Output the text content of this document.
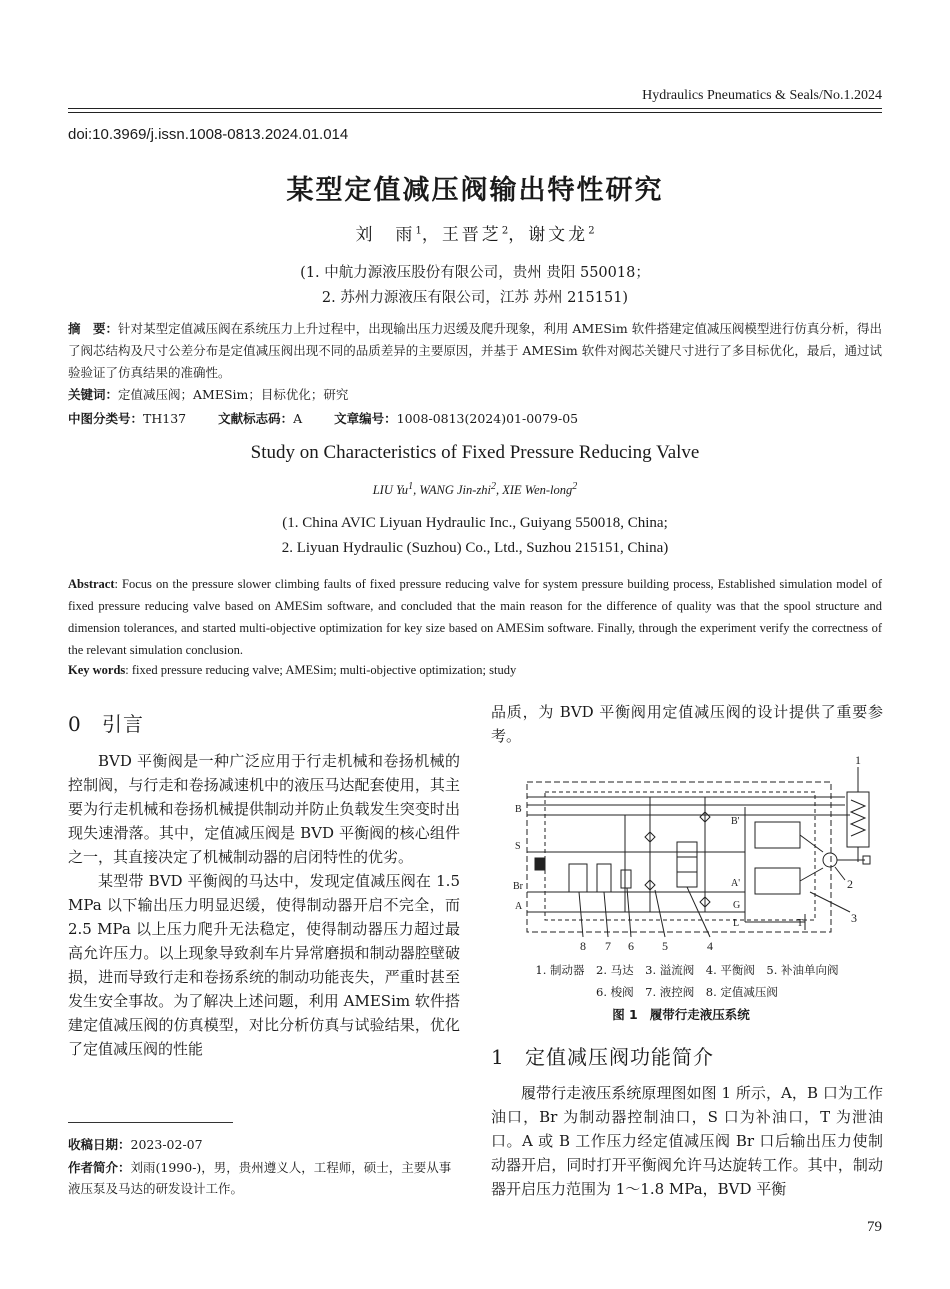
Hydraulics Pneumatics & Seals/No.1.2024
doi:10.3969/j.issn.1008-0813.2024.01.014
某型定值减压阀输出特性研究
刘　雨$^1$，王晋芝$^2$，谢文龙$^2$
(1. 中航力源液压股份有限公司，贵州 贵阳 550018；
2. 苏州力源液压有限公司，江苏 苏州 215151)
摘　要：针对某型定值减压阀在系统压力上升过程中，出现输出压力迟缓及爬升现象，利用 AMESim 软件搭建定值减压阀模型进行仿真分析，得出了阀芯结构及尺寸公差分布是定值减压阀出现不同的品质差异的主要原因，并基于 AMESim 软件对阀芯关键尺寸进行了多目标优化，最后，通过试验验证了仿真结果的准确性。
关键词：定值减压阀；AMESim；目标优化；研究
中图分类号：TH137	文献标志码：A	文章编号：1008-0813(2024)01-0079-05
Study on Characteristics of Fixed Pressure Reducing Valve
LIU Yu$^1$, WANG Jin-zhi$^2$, XIE Wen-long$^2$
(1. China AVIC Liyuan Hydraulic Inc., Guiyang 550018, China;
2. Liyuan Hydraulic (Suzhou) Co., Ltd., Suzhou 215151, China)
Abstract: Focus on the pressure slower climbing faults of fixed pressure reducing valve for system pressure building process, Established simulation model of fixed pressure reducing valve based on AMESim software, and concluded that the main reason for the difference of quality was that the spool structure and dimension tolerances, and started multi-objective optimization for key size based on AMESim software. Finally, through the experiment verify the correctness of the relevant simulation conclusion.
Key words: fixed pressure reducing valve; AMESim; multi-objective optimization; study
0 引言

BVD 平衡阀是一种广泛应用于行走机械和卷扬机械的控制阀，与行走和卷扬减速机中的液压马达配套使用，其主要为行走机械和卷扬机械提供制动并防止负载发生突变时出现失速滑落。其中，定值减压阀是 BVD 平衡阀的核心组件之一，其直接决定了机械制动器的启闭特性的优劣。

某型带 BVD 平衡阀的马达中，发现定值减压阀在 1.5 MPa 以下输出压力明显迟缓，使得制动器开启不完全，而 2.5 MPa 以上压力爬升无法稳定，使得制动器压力超过最高允许压力。以上现象导致刹车片异常磨损和制动器腔壁破损，进而导致行走和卷扬系统的制动功能丧失，严重时甚至发生安全事故。为了解决上述问题，利用 AMESim 软件搭建定值减压阀的仿真模型，对比分析仿真与试验结果，优化了定值减压阀的性能

收稿日期：2023-02-07
作者简介：刘雨(1990-)，男，贵州遵义人，工程师，硕士，主要从事液压泵及马达的研发设计工作。

品质，为 BVD 平衡阀用定值减压阀的设计提供了重要参考。

B
S
Br
A
B'
A'
G
L	T
1
2
3
4
5
6
7
8
1. 制动器　2. 马达　3. 溢流阀　4. 平衡阀　5. 补油单向阀
6. 梭阀　7. 液控阀　8. 定值减压阀
图 1 履带行走液压系统
1 定值减压阀功能简介

履带行走液压系统原理图如图 1 所示，A，B 口为工作油口，Br 为制动器控制油口，S 口为补油口，T 为泄油口。A 或 B 工作压力经定值减压阀 Br 口后输出压力使制动器开启，同时打开平衡阀允许马达旋转工作。其中，制动器开启压力范围为 1～1.8 MPa，BVD 平衡

79
